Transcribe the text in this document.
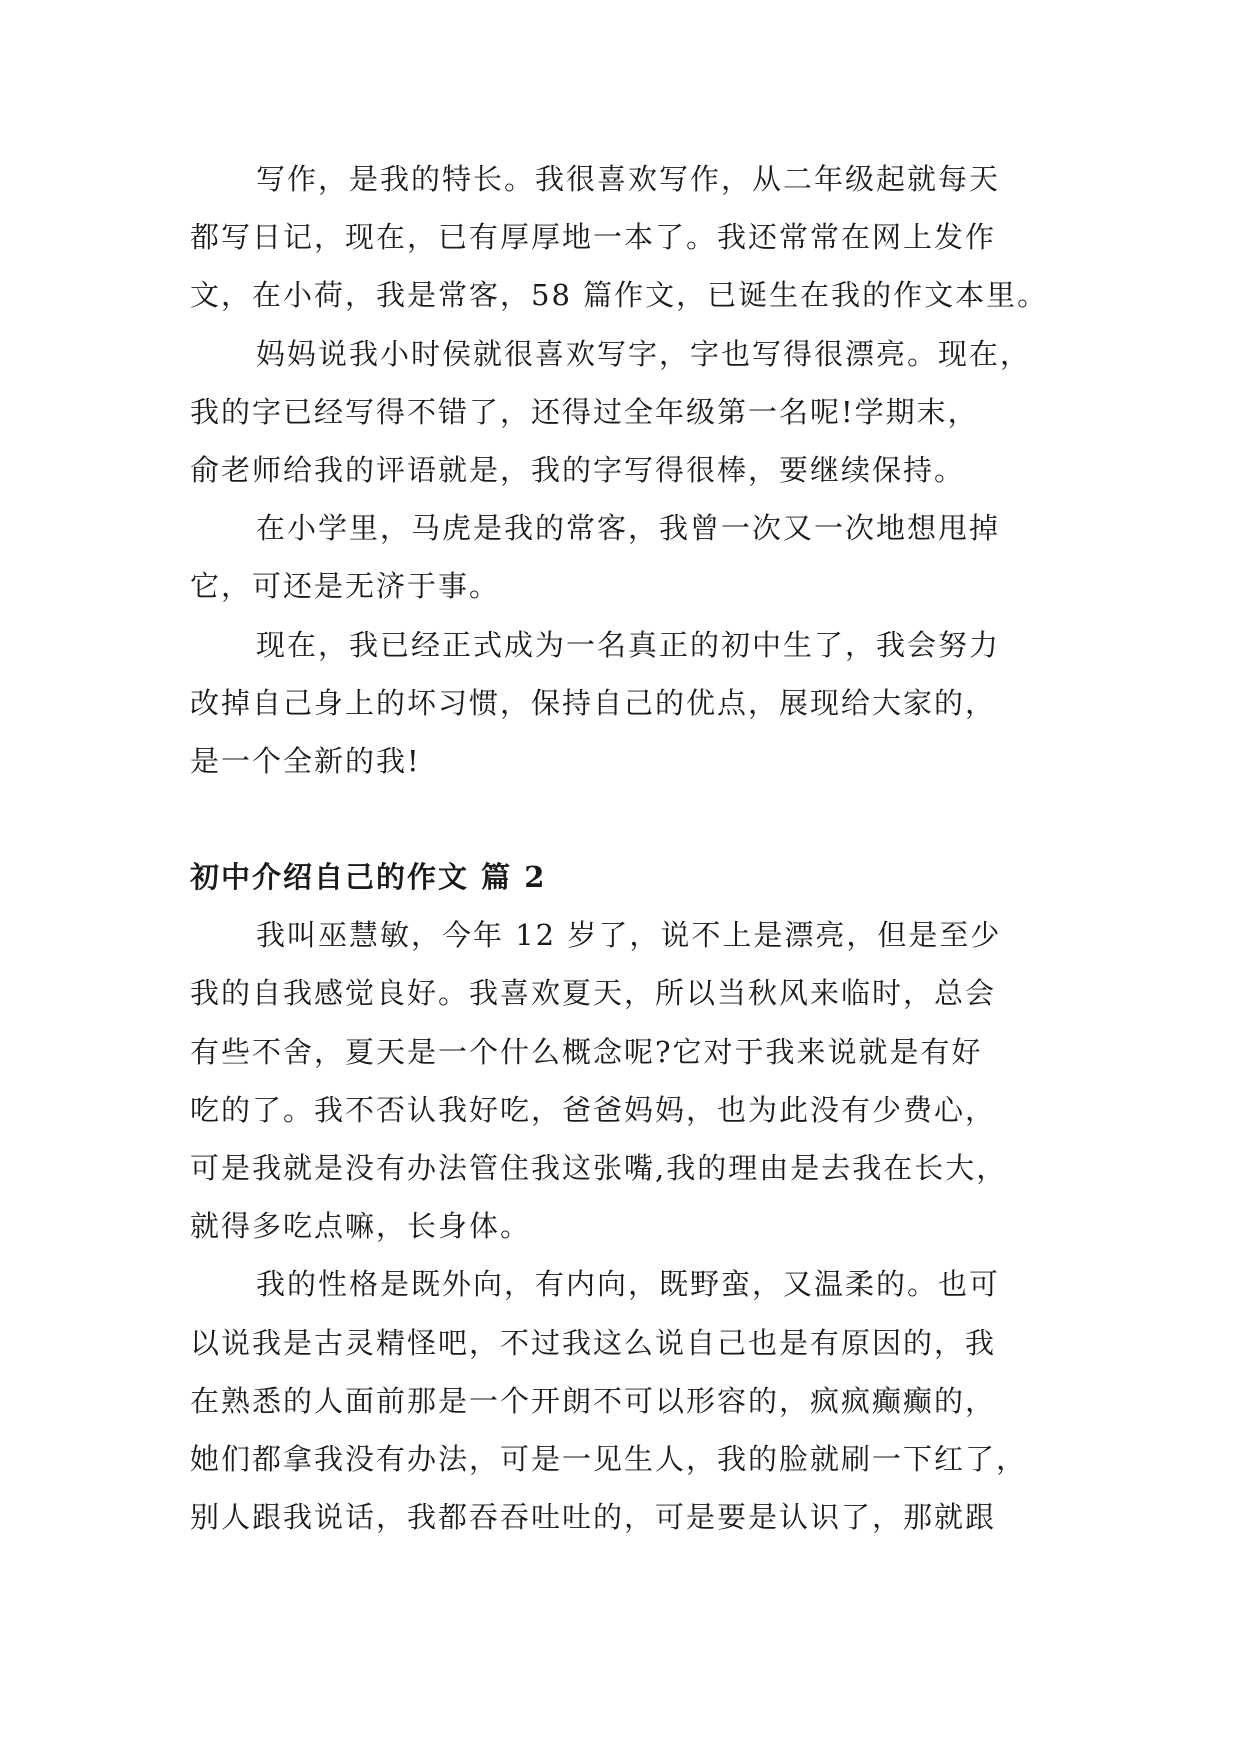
写作，是我的特长。我很喜欢写作，从二年级起就每天
都写日记，现在，已有厚厚地一本了。我还常常在网上发作
文，在小荷，我是常客，58 篇作文，已诞生在我的作文本里。

妈妈说我小时侯就很喜欢写字，字也写得很漂亮。现在，
我的字已经写得不错了，还得过全年级第一名呢!学期末，
俞老师给我的评语就是，我的字写得很棒，要继续保持。

在小学里，马虎是我的常客，我曾一次又一次地想甩掉
它，可还是无济于事。

现在，我已经正式成为一名真正的初中生了，我会努力
改掉自己身上的坏习惯，保持自己的优点，展现给大家的，
是一个全新的我!

初中介绍自己的作文 篇 2

我叫巫慧敏，今年 12 岁了，说不上是漂亮，但是至少
我的自我感觉良好。我喜欢夏天，所以当秋风来临时，总会
有些不舍，夏天是一个什么概念呢?它对于我来说就是有好
吃的了。我不否认我好吃，爸爸妈妈，也为此没有少费心，
可是我就是没有办法管住我这张嘴,我的理由是去我在长大，
就得多吃点嘛，长身体。

我的性格是既外向，有内向，既野蛮，又温柔的。也可
以说我是古灵精怪吧，不过我这么说自己也是有原因的，我
在熟悉的人面前那是一个开朗不可以形容的，疯疯癫癫的，
她们都拿我没有办法，可是一见生人，我的脸就刷一下红了，
别人跟我说话，我都吞吞吐吐的，可是要是认识了，那就跟
